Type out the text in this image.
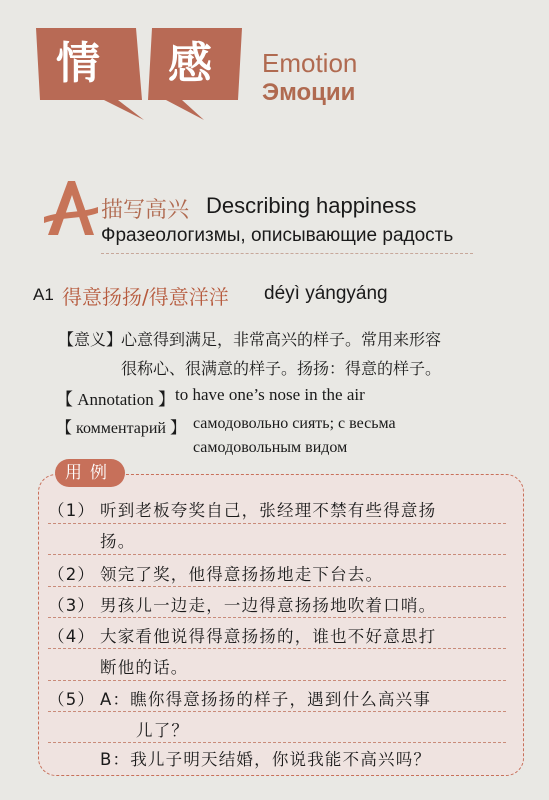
情 感 Emotion
Эмоции
A 描写高兴 Describing happiness
Фразеологизмы, описывающие радость
A1 得意扬扬/得意洋洋 déyì yángyáng
【意义】
心意得到满足，非常高兴的样子。常用来形容
很称心、很满意的样子。扬扬：得意的样子。
【 Annotation 】 to have one’s nose in the air
【 комментарий 】 самодовольно сиять; с весьма
самодовольным видом
用例
（1） 听到老板夸奖自己，张经理不禁有些得意扬
扬。
（2） 领完了奖，他得意扬扬地走下台去。
（3） 男孩儿一边走，一边得意扬扬地吹着口哨。
（4） 大家看他说得得意扬扬的，谁也不好意思打
断他的话。
（5） A：瞧你得意扬扬的样子，遇到什么高兴事
儿了？
B：我儿子明天结婚，你说我能不高兴吗？
